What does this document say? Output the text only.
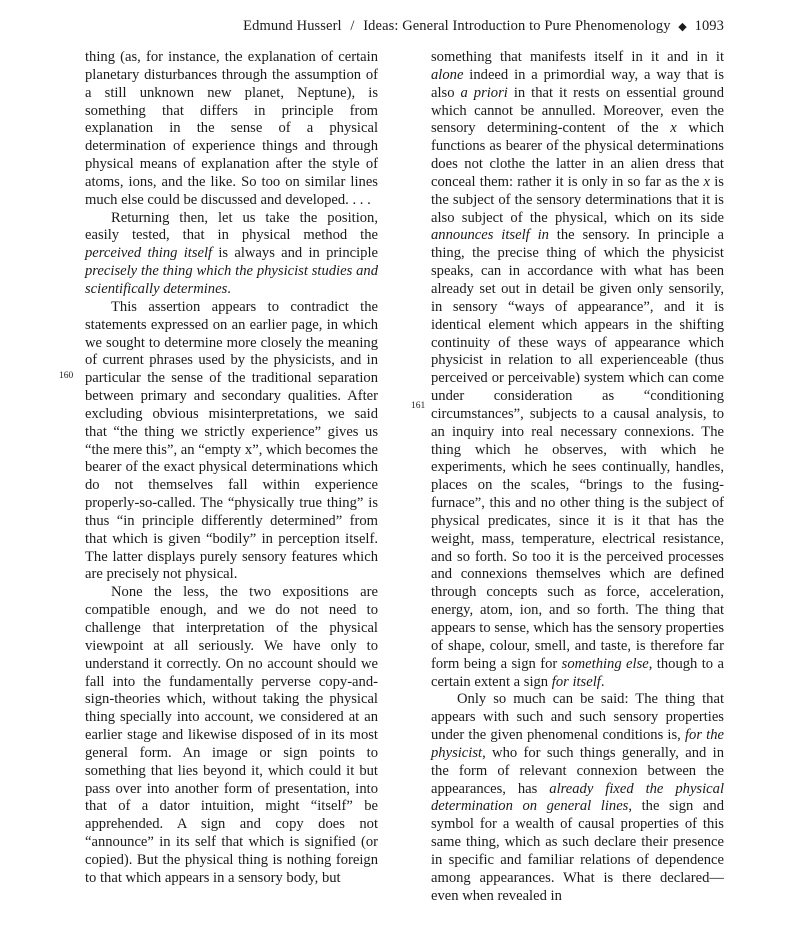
Edmund Husserl / Ideas: General Introduction to Pure Phenomenology ◆ 1093
160
161

thing (as, for instance, the explanation of certain planetary disturbances through the assumption of a still unknown new planet, Neptune), is something that differs in principle from explanation in the sense of a physical determination of experience things and through physical means of explanation after the style of atoms, ions, and the like. So too on similar lines much else could be discussed and developed. . . .

Returning then, let us take the position, easily tested, that in physical method the perceived thing itself is always and in principle precisely the thing which the physicist studies and scientifically determines.

This assertion appears to contradict the statements expressed on an earlier page, in which we sought to determine more closely the meaning of current phrases used by the physicists, and in particular the sense of the traditional separation between primary and secondary qualities. After excluding obvious misinterpretations, we said that “the thing we strictly experience” gives us “the mere this”, an “empty x”, which becomes the bearer of the exact physical determinations which do not themselves fall within experience properly-so-called. The “physically true thing” is thus “in principle differently determined” from that which is given “bodily” in perception itself. The latter displays purely sensory features which are precisely not physical.

None the less, the two expositions are compatible enough, and we do not need to challenge that interpretation of the physical viewpoint at all seriously. We have only to understand it correctly. On no account should we fall into the fundamentally perverse copy-and-sign-theories which, without taking the physical thing specially into account, we considered at an earlier stage and likewise disposed of in its most general form. An image or sign points to something that lies beyond it, which could it but pass over into another form of presentation, into that of a dator intuition, might “itself” be apprehended. A sign and copy does not “announce” in its self that which is signified (or copied). But the physical thing is nothing foreign to that which appears in a sensory body, but

something that manifests itself in it and in it alone indeed in a primordial way, a way that is also a priori in that it rests on essential ground which cannot be annulled. Moreover, even the sensory determining-content of the x which functions as bearer of the physical determinations does not clothe the latter in an alien dress that conceal them: rather it is only in so far as the x is the subject of the sensory determinations that it is also subject of the physical, which on its side announces itself in the sensory. In principle a thing, the precise thing of which the physicist speaks, can in accordance with what has been already set out in detail be given only sensorily, in sensory “ways of appearance”, and it is identical element which appears in the shifting continuity of these ways of appearance which physicist in relation to all experienceable (thus perceived or perceivable) system which can come under consideration as “conditioning circumstances”, subjects to a causal analysis, to an inquiry into real necessary connexions. The thing which he observes, with which he experiments, which he sees continually, handles, places on the scales, “brings to the fusing-furnace”, this and no other thing is the subject of physical predicates, since it is it that has the weight, mass, temperature, electrical resistance, and so forth. So too it is the perceived processes and connexions themselves which are defined through concepts such as force, acceleration, energy, atom, ion, and so forth. The thing that appears to sense, which has the sensory properties of shape, colour, smell, and taste, is therefore far form being a sign for something else, though to a certain extent a sign for itself.

Only so much can be said: The thing that appears with such and such sensory properties under the given phenomenal conditions is, for the physicist, who for such things generally, and in the form of relevant connexion between the appearances, has already fixed the physical determination on general lines, the sign and symbol for a wealth of causal properties of this same thing, which as such declare their presence in specific and familiar relations of dependence among appearances. What is there declared—even when revealed in
